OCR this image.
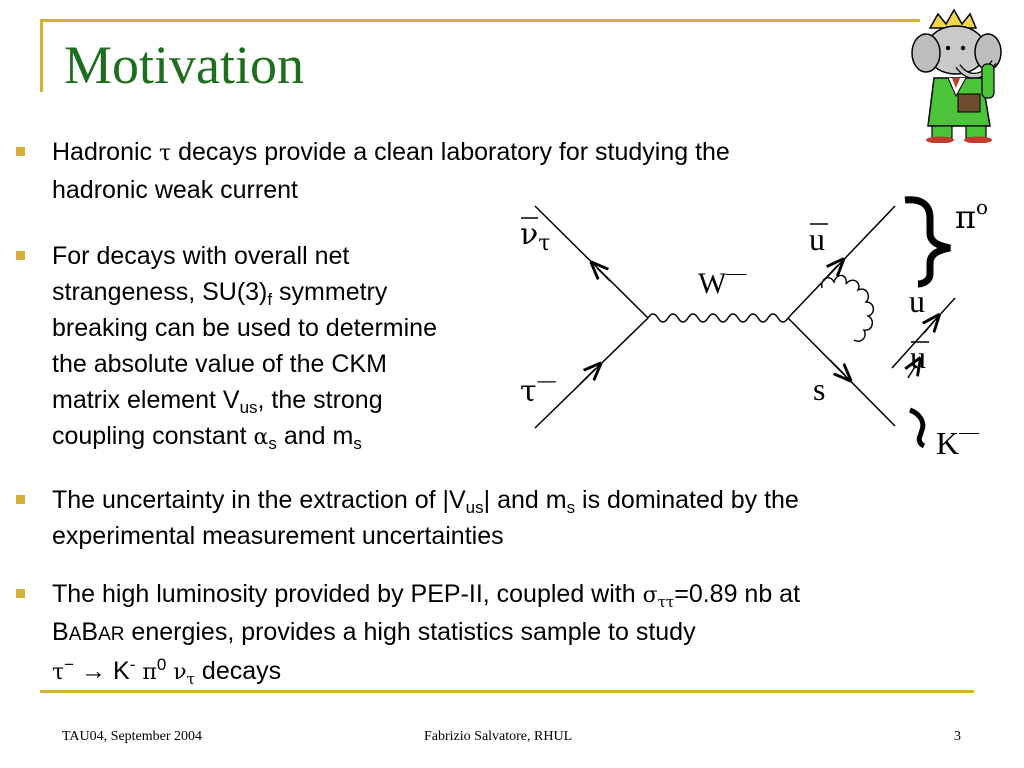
Motivation
Hadronic τ decays provide a clean laboratory for studying the
hadronic weak current
For decays with overall net
strangeness, $SU(3)_f$ symmetry
breaking can be used to determine
the absolute value of the CKM
matrix element $V_{us}$, the strong
coupling constant $\alpha_s$ and $m_s$
$\nu_\tau$
τ—
W—
u
u
u
s
$\pi^o$
K—
The uncertainty in the extraction of $|V_{us}|$ and $m_s$ is dominated by the
experimental measurement uncertainties
The high luminosity provided by PEP-II, coupled with $\sigma_{\tau\tau}=0.89$ nb at
BABAR energies, provides a high statistics sample to study
τ− → K- $\pi^0$ $\nu_\tau$ decays
TAU04, September 2004	Fabrizio Salvatore, RHUL	3
